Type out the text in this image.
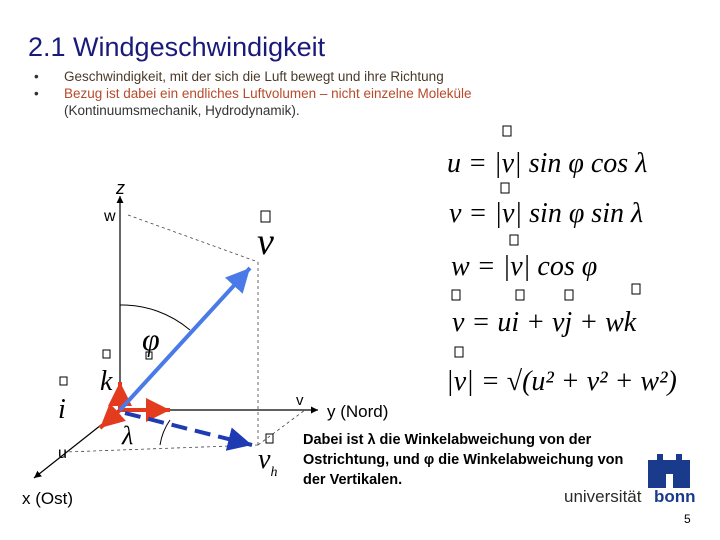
2.1 Windgeschwindigkeit
• Geschwindigkeit, mit der sich die Luft bewegt und ihre Richtung
• Bezug ist dabei ein endliches Luftvolumen – nicht einzelne Moleküle
(Kontinuumsmechanik, Hydrodynamik).
z
w
y (Nord)
v
u
x (Ost)
v
φ
k
i
λ
$v_h$
u = |v| sin φ cos λ
v = |v| sin φ sin λ
w = |v| cos φ
v = ui + vj + wk
|v| = √(u² + v² + w²)
Dabei ist λ die Winkelabweichung von der Ostrichtung, und φ die Winkelabweichung von der Vertikalen.
universität bonn
5
